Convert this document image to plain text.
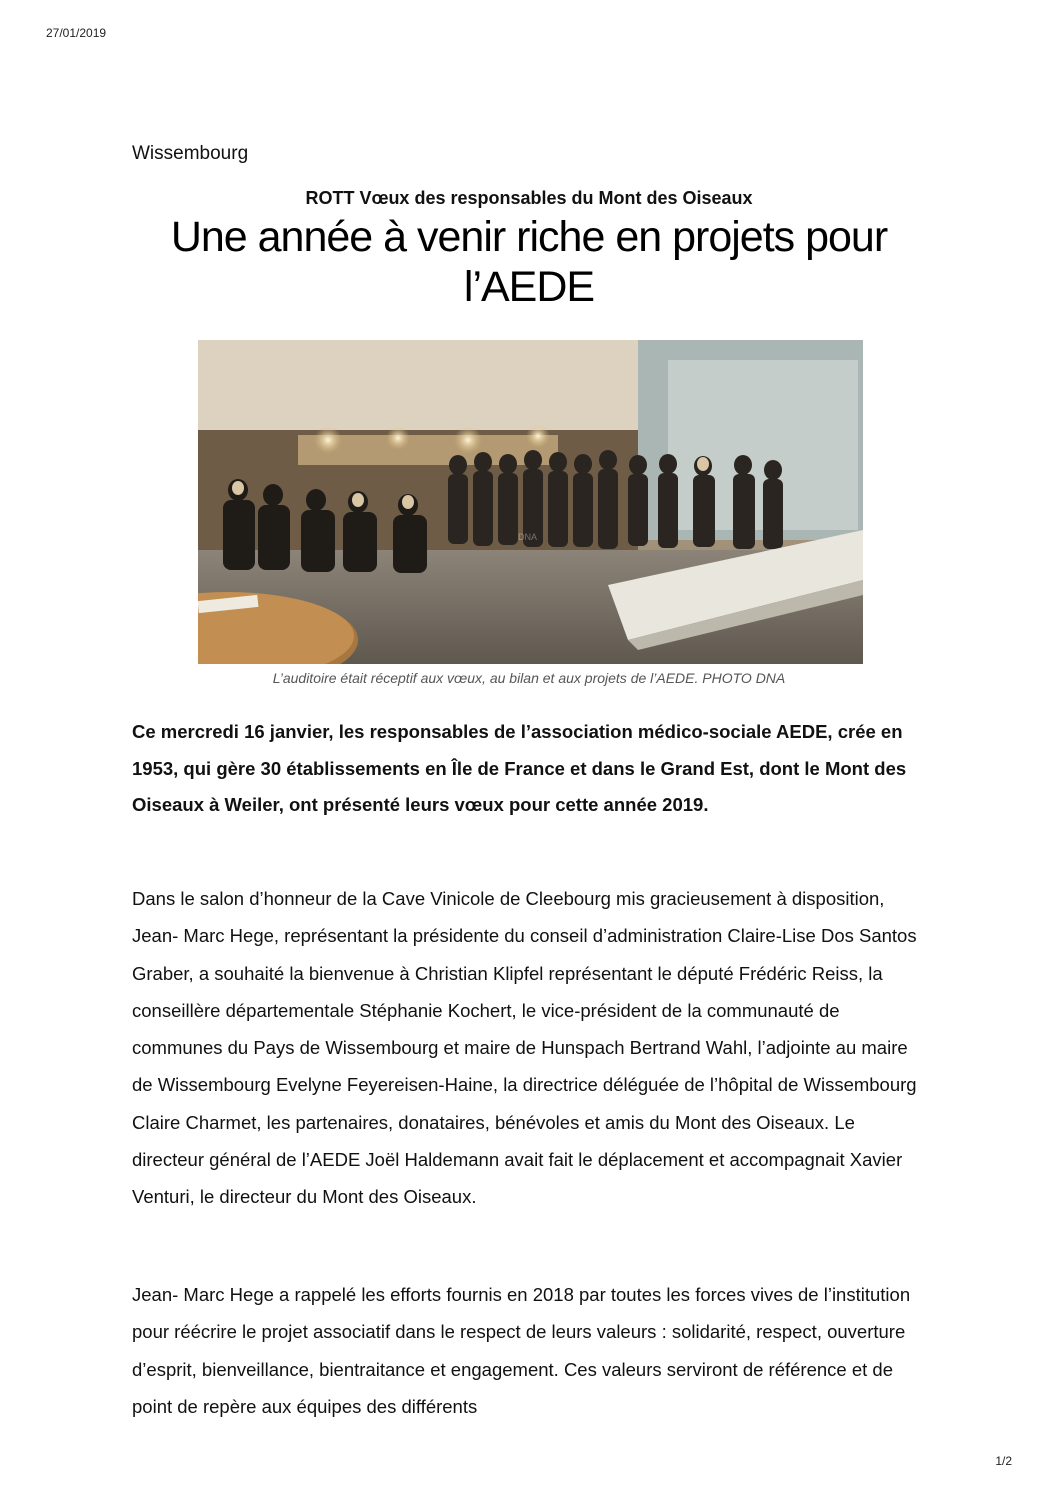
27/01/2019
Wissembourg
ROTT Vœux des responsables du Mont des Oiseaux
Une année à venir riche en projets pour l’AEDE
DNA
L’auditoire était réceptif aux vœux, au bilan et aux projets de l’AEDE. PHOTO DNA

Ce mercredi 16 janvier, les responsables de l’association médico-sociale AEDE, crée en 1953, qui gère 30 établissements en Île de France et dans le Grand Est, dont le Mont des Oiseaux à Weiler, ont présenté leurs vœux pour cette année 2019.

Dans le salon d’honneur de la Cave Vinicole de Cleebourg mis gracieusement à disposition, Jean- Marc Hege, représentant la présidente du conseil d’administration Claire-Lise Dos Santos Graber, a souhaité la bienvenue à Christian Klipfel représentant le député Frédéric Reiss, la conseillère départementale Stéphanie Kochert, le vice-président de la communauté de communes du Pays de Wissembourg et maire de Hunspach Bertrand Wahl, l’adjointe au maire de Wissembourg Evelyne Feyereisen-Haine, la directrice déléguée de l’hôpital de Wissembourg Claire Charmet, les partenaires, donataires, bénévoles et amis du Mont des Oiseaux. Le directeur général de l’AEDE Joël Haldemann avait fait le déplacement et accompagnait Xavier Venturi, le directeur du Mont des Oiseaux.

Jean- Marc Hege a rappelé les efforts fournis en 2018 par toutes les forces vives de l’institution pour réécrire le projet associatif dans le respect de leurs valeurs : solidarité, respect, ouverture d’esprit, bienveillance, bientraitance et engagement. Ces valeurs serviront de référence et de point de repère aux équipes des différents

1/2
